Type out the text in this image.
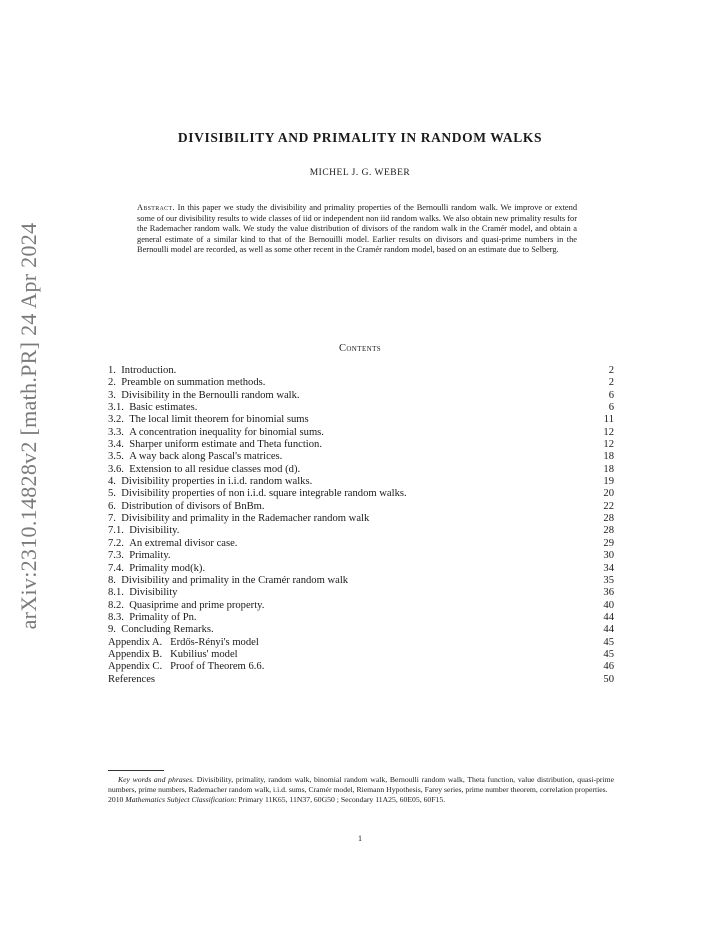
arXiv:2310.14828v2 [math.PR] 24 Apr 2024
DIVISIBILITY AND PRIMALITY IN RANDOM WALKS
MICHEL J. G. WEBER
Abstract. In this paper we study the divisibility and primality properties of the Bernoulli random walk. We improve or extend some of our divisibility results to wide classes of iid or independent non iid random walks. We also obtain new primality results for the Rademacher random walk. We study the value distribution of divisors of the random walk in the Cramér model, and obtain a general estimate of a similar kind to that of the Bernouilli model. Earlier results on divisors and quasi-prime numbers in the Bernoulli model are recorded, as well as some other recent in the Cramér random model, based on an estimate due to Selberg.
Contents
1. Introduction.	2
2. Preamble on summation methods.	2
3. Divisibility in the Bernoulli random walk.	6
3.1. Basic estimates.	6
3.2. The local limit theorem for binomial sums	11
3.3. A concentration inequality for binomial sums.	12
3.4. Sharper uniform estimate and Theta function.	12
3.5. A way back along Pascal's matrices.	18
3.6. Extension to all residue classes mod (d).	18
4. Divisibility properties in i.i.d. random walks.	19
5. Divisibility properties of non i.i.d. square integrable random walks.	20
6. Distribution of divisors of BnBm.	22
7. Divisibility and primality in the Rademacher random walk	28
7.1. Divisibility.	28
7.2. An extremal divisor case.	29
7.3. Primality.	30
7.4. Primality mod(k).	34
8. Divisibility and primality in the Cramér random walk	35
8.1. Divisibility	36
8.2. Quasiprime and prime property.	40
8.3. Primality of Pn.	44
9. Concluding Remarks.	44
Appendix A. Erdős-Rényi's model	45
Appendix B. Kubilius' model	45
Appendix C. Proof of Theorem 6.6.	46
References	50

Key words and phrases. Divisibility, primality, random walk, binomial random walk, Bernoulli random walk, Theta function, value distribution, quasi-prime numbers, prime numbers, Rademacher random walk, i.i.d. sums, Cramér model, Riemann Hypothesis, Farey series, prime number theorem, correlation properties.

2010 Mathematics Subject Classification: Primary 11K65, 11N37, 60G50 ; Secondary 11A25, 60E05, 60F15.

1
